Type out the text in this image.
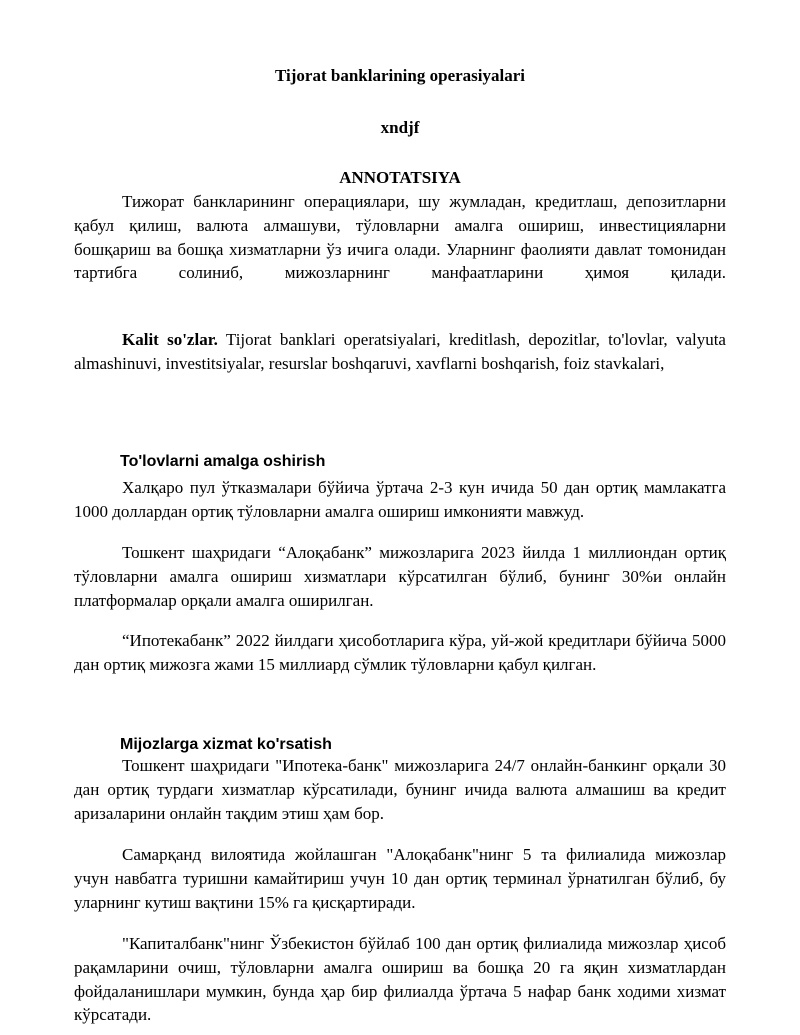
Tijorat banklarining operasiyalari
xndjf
ANNOTATSIYA

Тижорат банкларининг операциялари, шу жумладан, кредитлаш, депозитларни қабул қилиш, валюта алмашуви, тўловларни амалга ошириш, инвестицияларни бошқариш ва бошқа хизматларни ўз ичига олади. Уларнинг фаолияти давлат томонидан тартибга солиниб, мижозларнинг манфаатларини ҳимоя қилади.

Kalit so'zlar. Tijorat banklari operatsiyalari, kreditlash, depozitlar, to'lovlar, valyuta almashinuvi, investitsiyalar, resurslar boshqaruvi, xavflarni boshqarish, foiz stavkalari,

To'lovlarni amalga oshirish

Халқаро пул ўтказмалари бўйича ўртача 2-3 кун ичида 50 дан ортиқ мамлакатга 1000 доллардан ортиқ тўловларни амалга ошириш имконияти мавжуд.

Тошкент шаҳридаги “Алоқабанк” мижозларига 2023 йилда 1 миллиондан ортиқ тўловларни амалга ошириш хизматлари кўрсатилган бўлиб, бунинг 30%и онлайн платформалар орқали амалга оширилган.

“Ипотекабанк” 2022 йилдаги ҳисоботларига кўра, уй-жой кредитлари бўйича 5000 дан ортиқ мижозга жами 15 миллиард сўмлик тўловларни қабул қилган.

Mijozlarga xizmat ko'rsatish

Тошкент шаҳридаги "Ипотека-банк" мижозларига 24/7 онлайн-банкинг орқали 30 дан ортиқ турдаги хизматлар кўрсатилади, бунинг ичида валюта алмашиш ва кредит аризаларини онлайн тақдим этиш ҳам бор.

Самарқанд вилоятида жойлашган "Алоқабанк"нинг 5 та филиалида мижозлар учун навбатга туришни камайтириш учун 10 дан ортиқ терминал ўрнатилган бўлиб, бу уларнинг кутиш вақтини 15% га қисқартиради.

"Капиталбанк"нинг Ўзбекистон бўйлаб 100 дан ортиқ филиалида мижозлар ҳисоб рақамларини очиш, тўловларни амалга ошириш ва бошқа 20 га яқин хизматлардан фойдаланишлари мумкин, бунда ҳар бир филиалда ўртача 5 нафар банк ходими хизмат кўрсатади.
